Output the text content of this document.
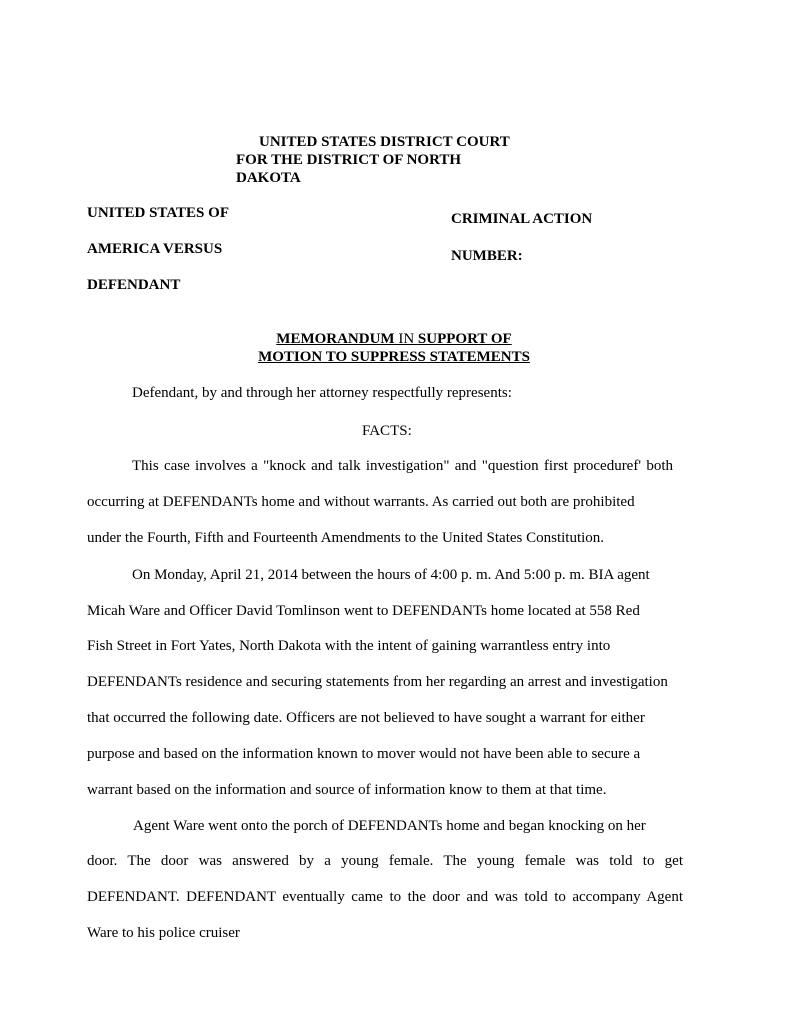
UNITED STATES DISTRICT COURT
FOR THE DISTRICT OF NORTH
DAKOTA
UNITED STATES OF
AMERICA VERSUS
DEFENDANT
CRIMINAL ACTION
NUMBER:
MEMORANDUM IN SUPPORT OF
MOTION TO SUPPRESS STATEMENTS
Defendant, by and through her attorney respectfully represents:
FACTS:
This case involves a "knock and talk investigation" and "question first proceduref' both
occurring at DEFENDANTs home and without warrants. As carried out both are prohibited
under the Fourth, Fifth and Fourteenth Amendments to the United States Constitution.
On Monday, April 21, 2014 between the hours of 4:00 p. m. And 5:00 p. m. BIA agent
Micah Ware and Officer David Tomlinson went to DEFENDANTs home located at 558 Red
Fish Street in Fort Yates, North Dakota with the intent of gaining warrantless entry into
DEFENDANTs residence and securing statements from her regarding an arrest and investigation
that occurred the following date. Officers are not believed to have sought a warrant for either
purpose and based on the information known to mover would not have been able to secure a
warrant based on the information and source of information know to them at that time.
Agent Ware went onto the porch of DEFENDANTs home and began knocking on her
door. The door was answered by a young female. The young female was told to get
DEFENDANT. DEFENDANT eventually came to the door and was told to accompany Agent
Ware to his police cruiser
